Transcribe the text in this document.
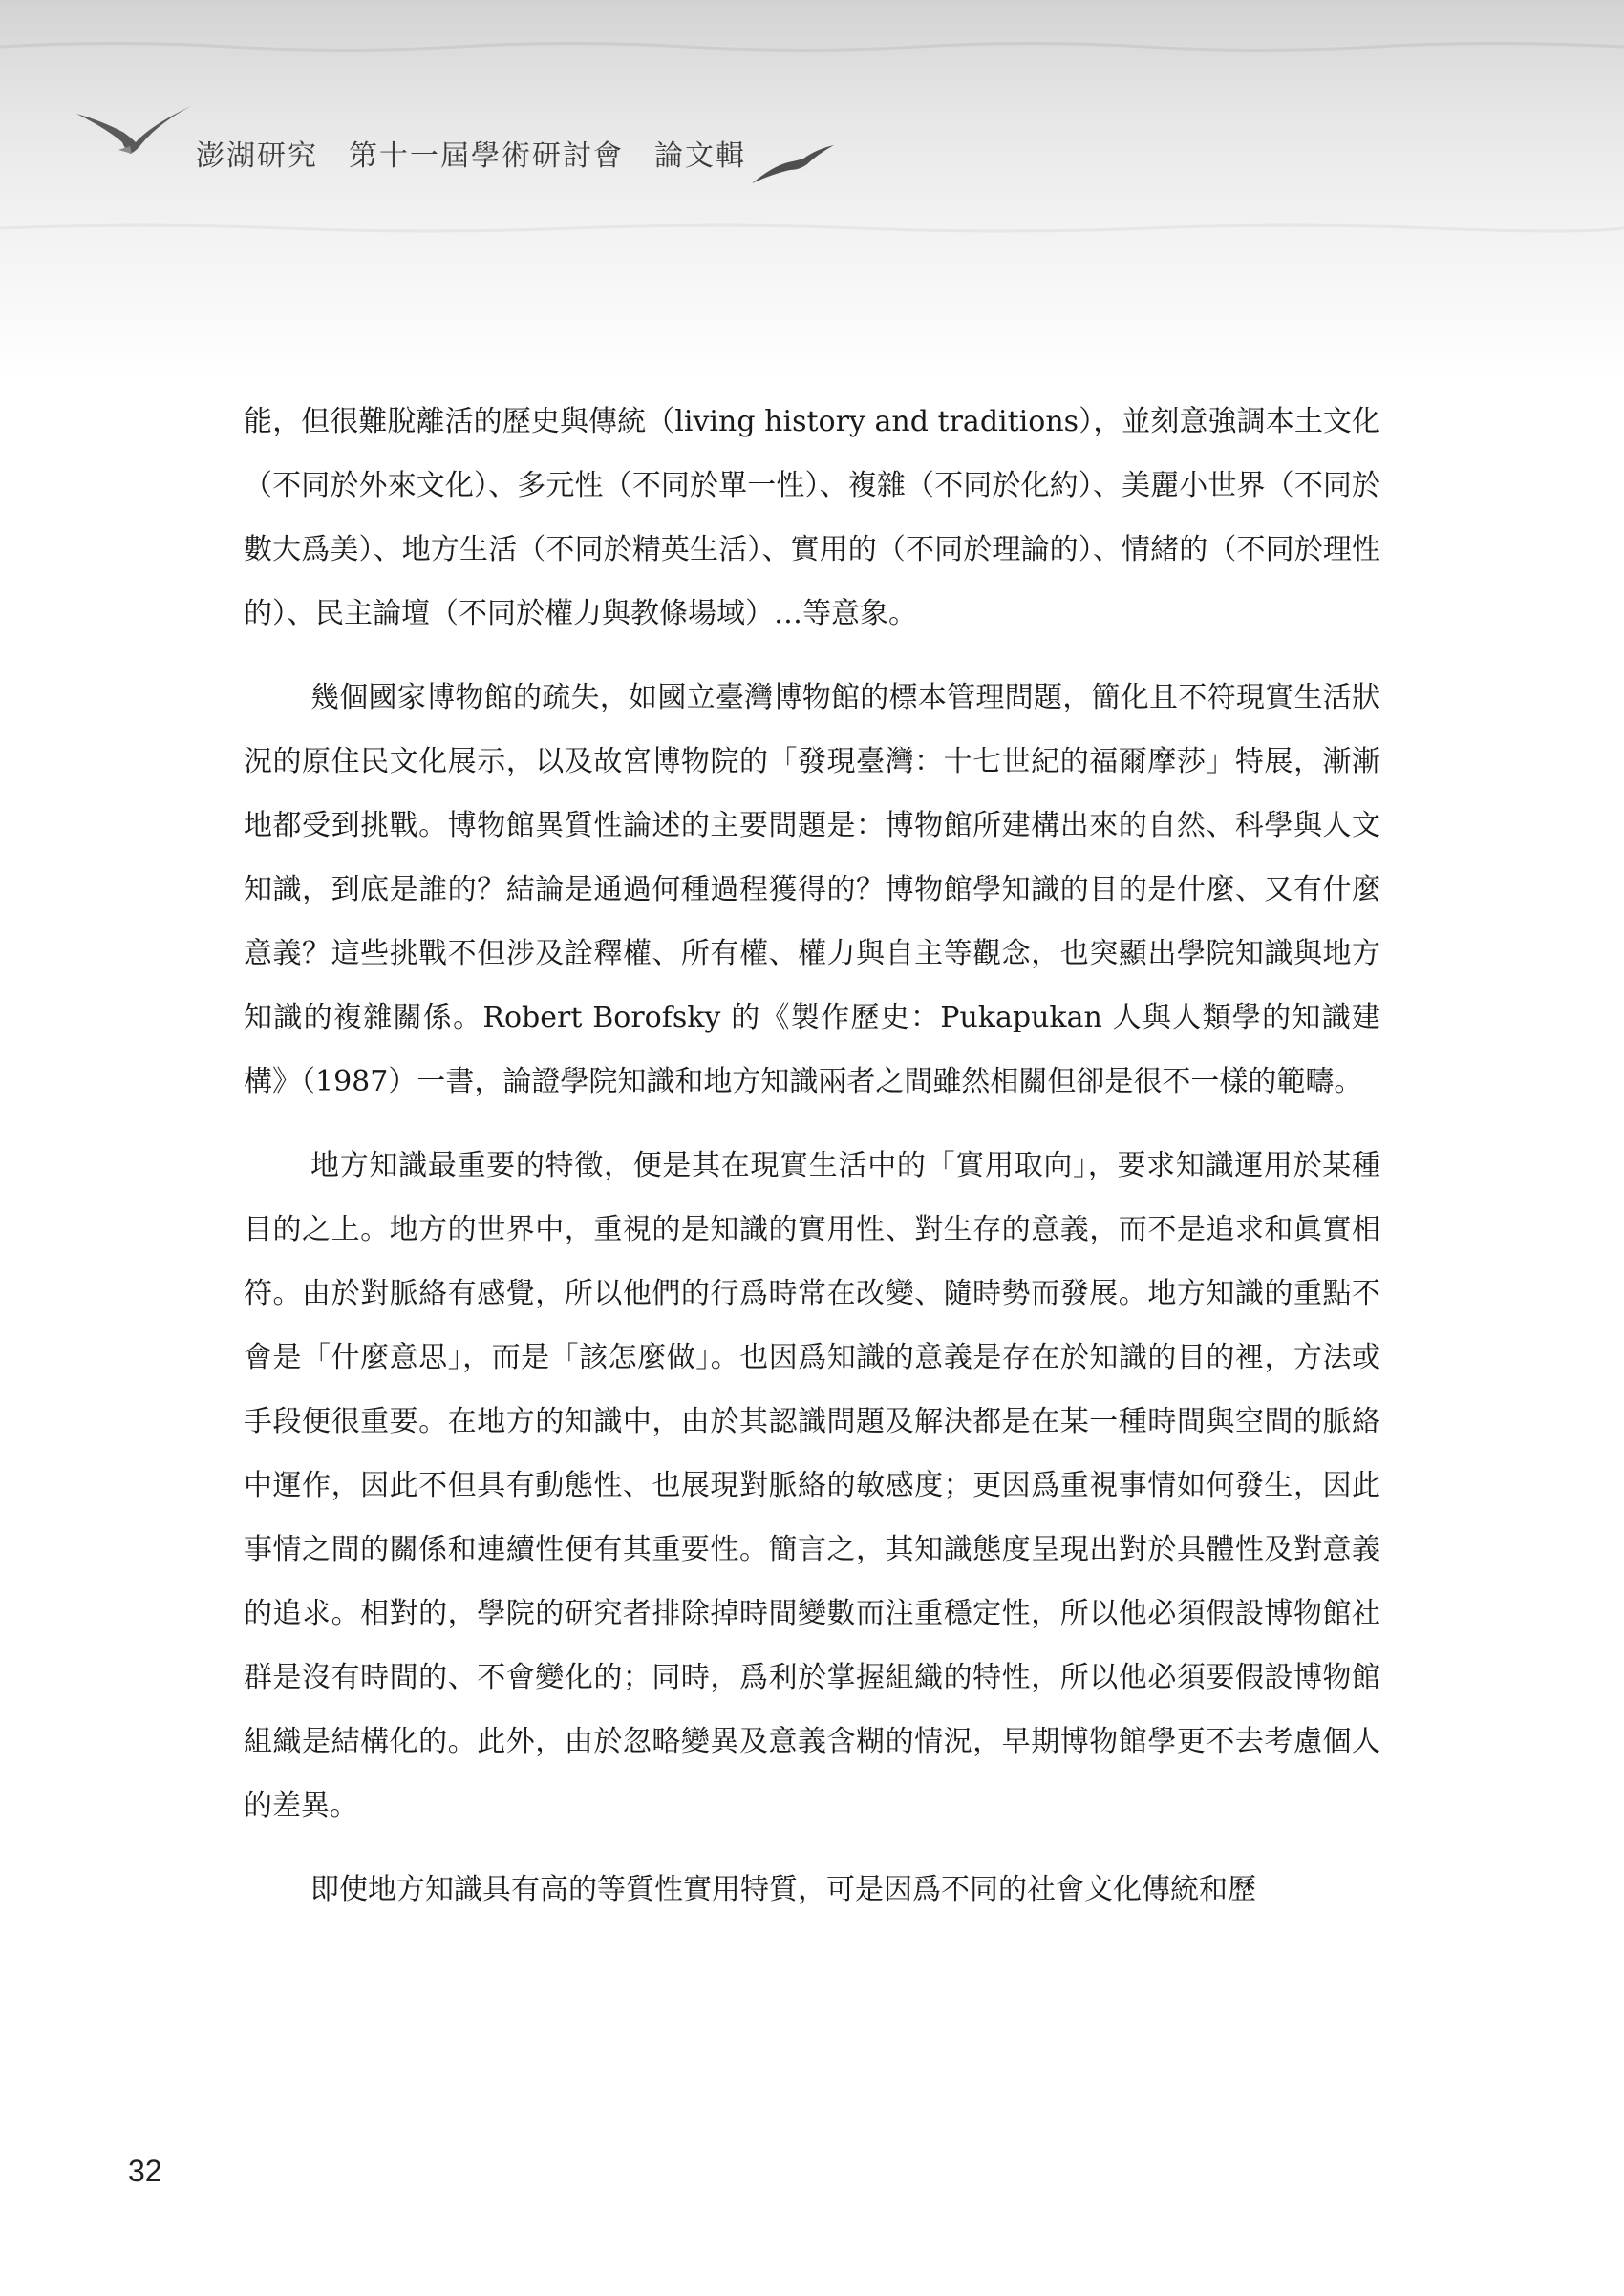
澎湖研究　第十一屆學術研討會　論文輯

能，但很難脫離活的歷史與傳統（living history and traditions），並刻意強調本土文化（不同於外來文化）、多元性（不同於單一性）、複雜（不同於化約）、美麗小世界（不同於數大爲美）、地方生活（不同於精英生活）、實用的（不同於理論的）、情緒的（不同於理性的）、民主論壇（不同於權力與教條場域）…等意象。

幾個國家博物館的疏失，如國立臺灣博物館的標本管理問題，簡化且不符現實生活狀況的原住民文化展示，以及故宮博物院的「發現臺灣：十七世紀的福爾摩莎」特展，漸漸地都受到挑戰。博物館異質性論述的主要問題是：博物館所建構出來的自然、科學與人文知識，到底是誰的？結論是通過何種過程獲得的？博物館學知識的目的是什麼、又有什麼意義？這些挑戰不但涉及詮釋權、所有權、權力與自主等觀念，也突顯出學院知識與地方知識的複雜關係。Robert Borofsky 的《製作歷史：Pukapukan 人與人類學的知識建構》（1987）一書，論證學院知識和地方知識兩者之間雖然相關但卻是很不一樣的範疇。

地方知識最重要的特徵，便是其在現實生活中的「實用取向」，要求知識運用於某種目的之上。地方的世界中，重視的是知識的實用性、對生存的意義，而不是追求和眞實相符。由於對脈絡有感覺，所以他們的行爲時常在改變、隨時勢而發展。地方知識的重點不會是「什麼意思」，而是「該怎麼做」。也因爲知識的意義是存在於知識的目的裡，方法或手段便很重要。在地方的知識中，由於其認識問題及解決都是在某一種時間與空間的脈絡中運作，因此不但具有動態性、也展現對脈絡的敏感度；更因爲重視事情如何發生，因此事情之間的關係和連續性便有其重要性。簡言之，其知識態度呈現出對於具體性及對意義的追求。相對的，學院的研究者排除掉時間變數而注重穩定性，所以他必須假設博物館社群是沒有時間的、不會變化的；同時，爲利於掌握組織的特性，所以他必須要假設博物館組織是結構化的。此外，由於忽略變異及意義含糊的情況，早期博物館學更不去考慮個人的差異。

即使地方知識具有高的等質性實用特質，可是因爲不同的社會文化傳統和歷

32
